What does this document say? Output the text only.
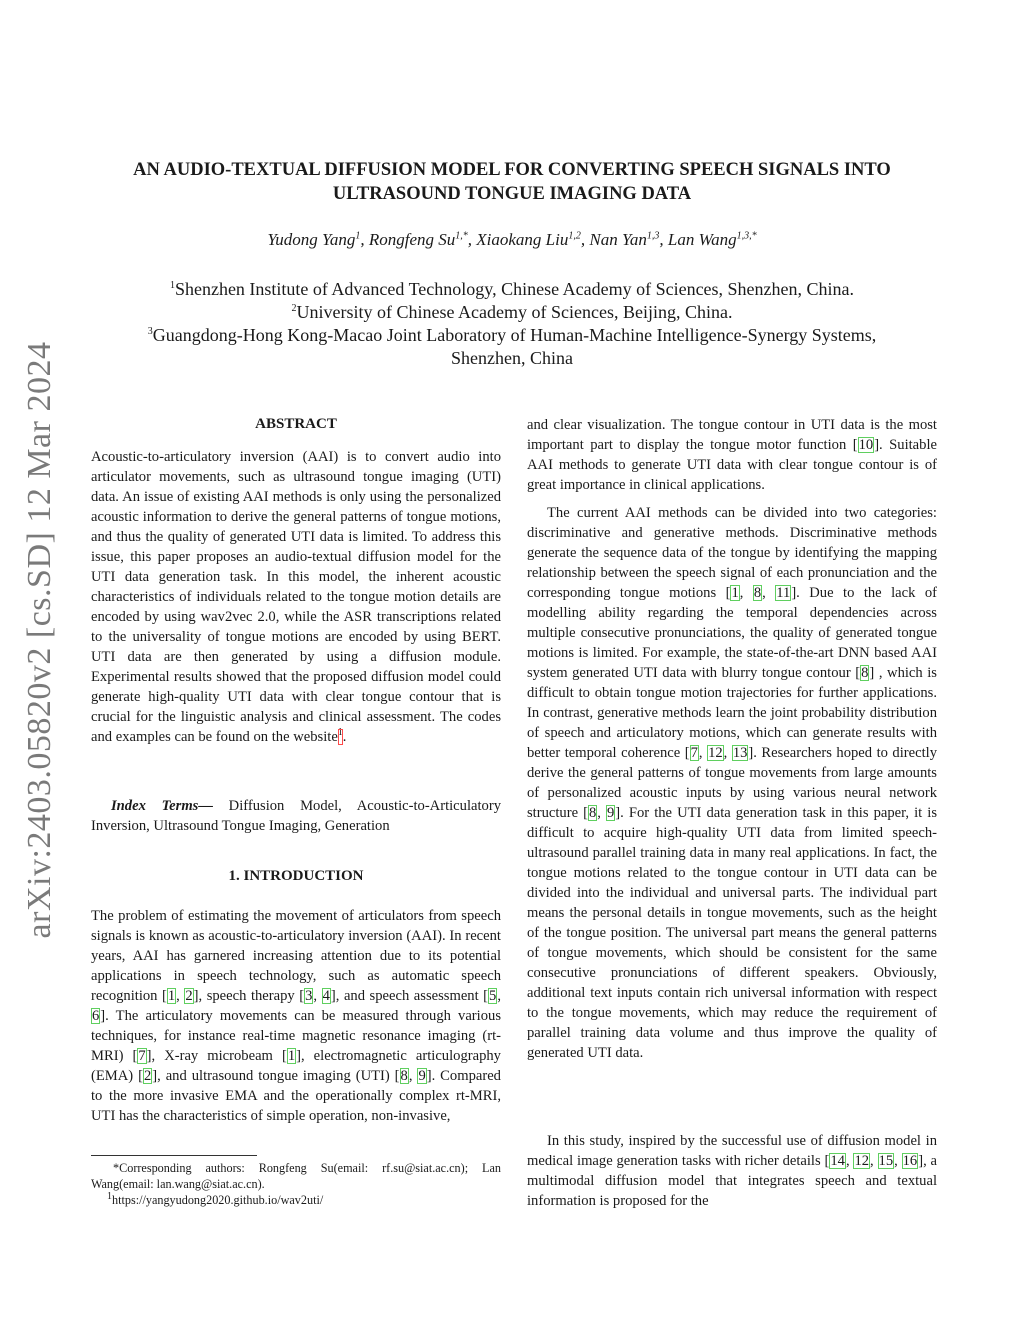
arXiv:2403.05820v2 [cs.SD] 12 Mar 2024
AN AUDIO-TEXTUAL DIFFUSION MODEL FOR CONVERTING SPEECH SIGNALS INTO
ULTRASOUND TONGUE IMAGING DATA
Yudong Yang$^1$, Rongfeng $Su^{1,*}$, Xiaokang Liu$^{1,2}$, Nan Yan$^{1,3}$, Lan Wang$^{1,3,*}$
$^1$Shenzhen Institute of Advanced Technology, Chinese Academy of Sciences, Shenzhen, China.
$^2$University of Chinese Academy of Sciences, Beijing, China.
$^3$Guangdong-Hong Kong-Macao Joint Laboratory of Human-Machine Intelligence-Synergy Systems,
Shenzhen, China
ABSTRACT

Acoustic-to-articulatory inversion (AAI) is to convert audio into articulator movements, such as ultrasound tongue imaging (UTI) data. An issue of existing AAI methods is only using the personalized acoustic information to derive the general patterns of tongue motions, and thus the quality of generated UTI data is limited. To address this issue, this paper proposes an audio-textual diffusion model for the UTI data generation task. In this model, the inherent acoustic characteristics of individuals related to the tongue motion details are encoded by using wav2vec 2.0, while the ASR transcriptions related to the universality of tongue motions are encoded by using BERT. UTI data are then generated by using a diffusion module. Experimental results showed that the proposed diffusion model could generate high-quality UTI data with clear tongue contour that is crucial for the linguistic analysis and clinical assessment. The codes and examples can be found on the website$^1$.

Index Terms— Diffusion Model, Acoustic-to-Articulatory Inversion, Ultrasound Tongue Imaging, Generation

1. INTRODUCTION

The problem of estimating the movement of articulators from speech signals is known as acoustic-to-articulatory inversion (AAI). In recent years, AAI has garnered increasing attention due to its potential applications in speech technology, such as automatic speech recognition [1, 2], speech therapy [3, 4], and speech assessment [5, 6]. The articulatory movements can be measured through various techniques, for instance real-time magnetic resonance imaging (rt-MRI) [7], X-ray microbeam [1], electromagnetic articulography (EMA) [2], and ultrasound tongue imaging (UTI) [8, 9]. Compared to the more invasive EMA and the operationally complex rt-MRI, UTI has the characteristics of simple operation, non-invasive,

*Corresponding authors: Rongfeng Su(email: rf.su@siat.ac.cn); Lan Wang(email: lan.wang@siat.ac.cn).

$^1$https://yangyudong2020.github.io/wav2uti/

and clear visualization. The tongue contour in UTI data is the most important part to display the tongue motor function [10]. Suitable AAI methods to generate UTI data with clear tongue contour is of great importance in clinical applications.

The current AAI methods can be divided into two categories: discriminative and generative methods. Discriminative methods generate the sequence data of the tongue by identifying the mapping relationship between the speech signal of each pronunciation and the corresponding tongue motions [1, 8, 11]. Due to the lack of modelling ability regarding the temporal dependencies across multiple consecutive pronunciations, the quality of generated tongue motions is limited. For example, the state-of-the-art DNN based AAI system generated UTI data with blurry tongue contour [8] , which is difficult to obtain tongue motion trajectories for further applications. In contrast, generative methods learn the joint probability distribution of speech and articulatory motions, which can generate results with better temporal coherence [7, 12, 13]. Researchers hoped to directly derive the general patterns of tongue movements from large amounts of personalized acoustic inputs by using various neural network structure [8, 9]. For the UTI data generation task in this paper, it is difficult to acquire high-quality UTI data from limited speech-ultrasound parallel training data in many real applications. In fact, the tongue motions related to the tongue contour in UTI data can be divided into the individual and universal parts. The individual part means the personal details in tongue movements, such as the height of the tongue position. The universal part means the general patterns of tongue movements, which should be consistent for the same consecutive pronunciations of different speakers. Obviously, additional text inputs contain rich universal information with respect to the tongue movements, which may reduce the requirement of parallel training data volume and thus improve the quality of generated UTI data.

In this study, inspired by the successful use of diffusion model in medical image generation tasks with richer details [14, 12, 15, 16], a multimodal diffusion model that integrates speech and textual information is proposed for the
